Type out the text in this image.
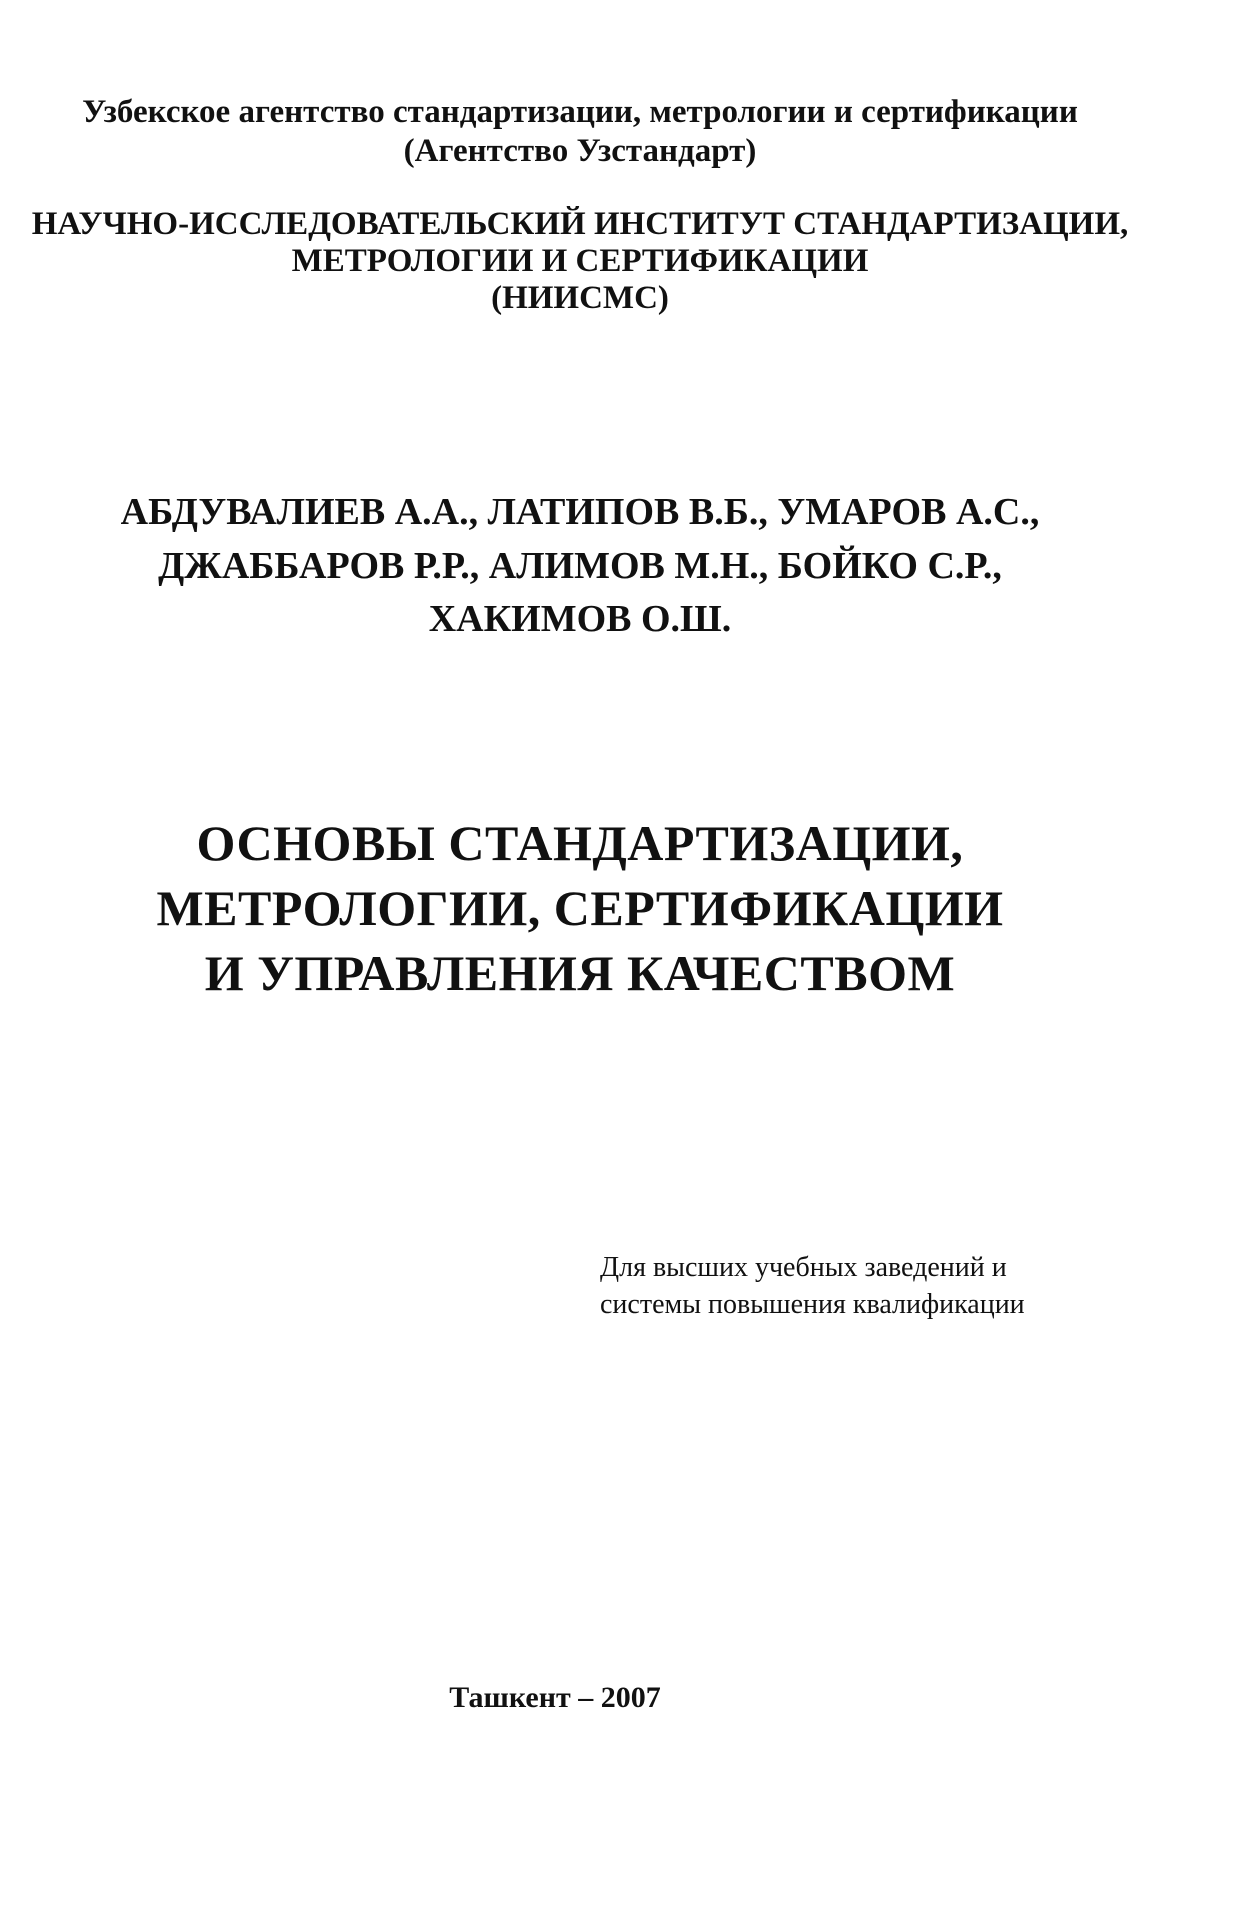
Узбекское агентство стандартизации, метрологии и сертификации
(Агентство Узстандарт)
НАУЧНО-ИССЛЕДОВАТЕЛЬСКИЙ ИНСТИТУТ СТАНДАРТИЗАЦИИ,
МЕТРОЛОГИИ И СЕРТИФИКАЦИИ
(НИИСМС)
АБДУВАЛИЕВ А.А., ЛАТИПОВ В.Б., УМАРОВ А.С.,
ДЖАББАРОВ Р.Р., АЛИМОВ М.Н., БОЙКО С.Р.,
ХАКИМОВ О.Ш.
ОСНОВЫ СТАНДАРТИЗАЦИИ,
МЕТРОЛОГИИ, СЕРТИФИКАЦИИ
И УПРАВЛЕНИЯ КАЧЕСТВОМ
Для высших учебных заведений и
системы повышения квалификации
Ташкент – 2007
